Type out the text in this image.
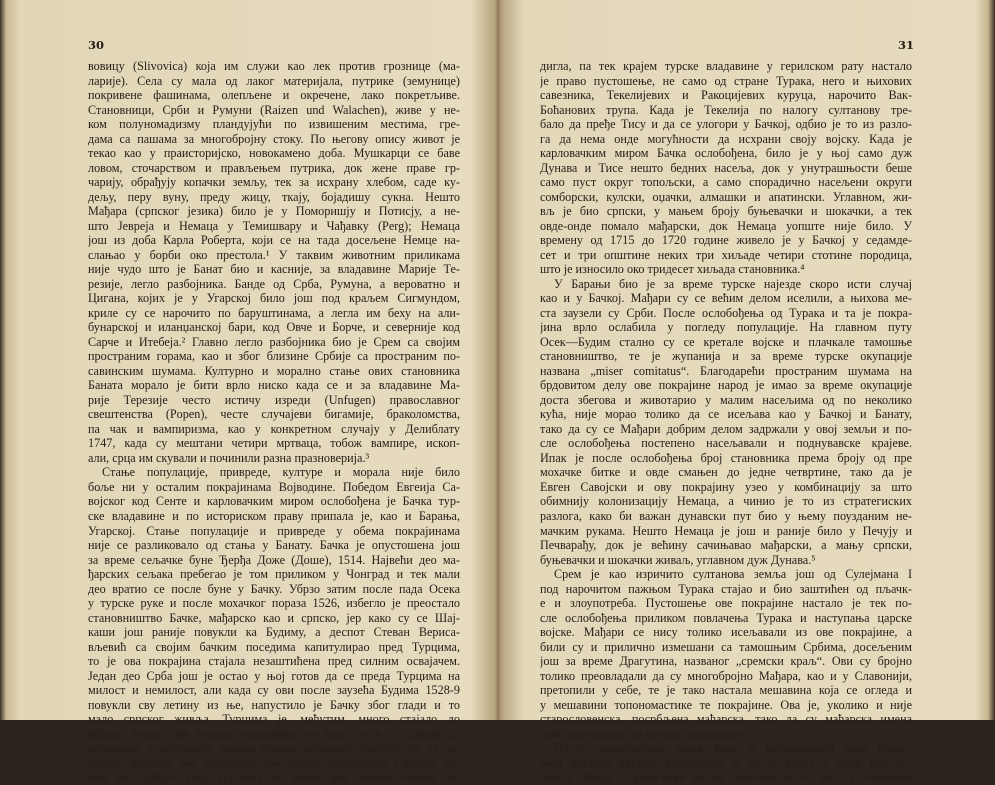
30
вовицу (Slivovica) која им служи као лек против грознице (ма-
ларије). Села су мала од лаког материјала, путрике (земунице)
покривене фашинама, олепљене и окречене, лако покретљиве.
Становници, Срби и Румуни (Raizen und Walachen), живе у не-
ком полуномадизму пландујући по извишеним местима, гре-
дама са пашама за многобројну стоку. По његову опису живот је
текао као у праисторијско, новокамено доба. Мушкарци се баве
ловом, сточарством и прављењем путрика, док жене праве гр-
чарију, обрађују копачки земљу, тек за исхрану хлебом, саде ку-
дељу, перу вуну, преду жицу, ткају, бојадишу сукна. Нешто
Мађара (српског језика) било је у Поморишју и Потисју, а не-
што Јевреја и Немаца у Темишвару и Чађавку (Perg); Немаца
још из доба Карла Роберта, који се на тада досељене Немце на-
слањао у борби око престола.¹ У таквим животним приликама
није чудо што је Банат био и касније, за владавине Марије Те-
резије, легло разбојника. Банде од Срба, Румуна, а вероватно и
Цигана, којих је у Угарској било још под краљем Сигмундом,
криле су се нарочито по баруштинама, а легла им беху на али-
бунарској и иланџанској бари, код Овче и Борче, и северније код
Сарче и Итебеја.² Главно легло разбојника био је Срем са својим
пространим горама, као и због близине Србије са пространим по-
савинским шумама. Културно и морално стање ових становника
Баната морало је бити врло ниско када се и за владавине Ма-
рије Терезије често истичу изреди (Unfugen) православног
свештенства (Popen), честе случајеви бигамије, браколомства,
па чак и вампиризма, као у конкретном случају у Делиблату
1747, када су мештани четири мртваца, тобож вампире, ископ-
али, срца им скували и починили разна празноверија.³
Стање популације, привреде, културе и морала није било
боље ни у осталим покрајинама Војводине. Победом Евгеија Са-
војског код Сенте и карловачким миром ослобођена је Бачка тур-
ске владавине и по историском праву припала је, као и Барања,
Угарској. Стање популације и привреде у обема покрајинама
није се разликовало од стања у Банату. Бачка је опустошена још
за време сељачке буне Ђерђа Доже (Доше), 1514. Највећи део ма-
ђарских сељака пребегао је том приликом у Чонград и тек мали
део вратио се после буне у Бачку. Убрзо затим после пада Осека
у турске руке и после мохачког пораза 1526, избегло је преостало
становништво Бачке, мађарско као и српско, јер како су се Шај-
каши још раније повукли ка Будиму, а деспот Стеван Вериса-
вљевић са својим бачким поседима капитулирао пред Турцима,
то је ова покрајина стајала незаштићена пред силним освајачем.
Један део Срба још је остао у њој готов да се преда Турцима на
милост и немилост, али када су ови после заузећа Будима 1528-9
повукли сву летину из ње, напустило је Бачку због глади и то
мало српског живља. Турцима је, међутим, много стајало до
обраде земље ове плодне покрајине, па како су и у Србији са
сељацима успоставили колико-толико нормалне односе, то су по
доказу дефтере ову покрајину постепено насељавали Србима ма-
хом из Србије. Под Турцима се Бачка још колико-толико по-
31
дигла, па тек крајем турске владавине у герилском рату настало
је право пустошење, не само од стране Турака, него и њихових
савезника, Текелијевих и Ракоцијевих куруца, нарочито Вак-
Боћанових трупа. Када је Текелија по налогу султанову тре-
бало да пређе Тису и да се улогори у Бачкој, одбио је то из разло-
га да нема онде могућности да исхрани своју војску. Када је
карловачким миром Бачка ослобођена, било је у њој само дуж
Дунава и Тисе нешто бедних насеља, док у унутрашњости беше
само пуст округ топољски, а само спорадично насељени округи
сомборски, кулски, оџачки, алмашки и апатински. Углавном, жи-
вљ је био српски, у мањем броју буњевачки и шокачки, а тек
овде-онде помало мађарски, док Немаца уопште није било. У
времену од 1715 до 1720 године живело је у Бачкој у седамде-
сет и три општине неких три хиљаде четири стотине породица,
што је износило око тридесет хиљада становника.⁴
У Барањи био је за време турске најезде скоро исти случај
као и у Бачкој. Мађари су се већим делом иселили, а њихова ме-
ста заузели су Срби. После ослобођења од Турака и та је покра-
јина врло ослабила у погледу популације. На главном путу
Осек—Будим стално су се кретале војске и плачкале тамошње
становништво, те је жупанија и за време турске окупације
названа „miser comitatus“. Благодарећи пространим шумама на
брдовитом делу ове покрајине народ је имао за време окупације
доста збегова и животарио у малим насељима од по неколико
кућа, није морао толико да се исељава као у Бачкој и Банату,
тако да су се Мађари добрим делом задржали у овој земљи и по-
сле ослобођења постепено насељавали и поднувавске крајеве.
Ипак је после ослобођења број становника према броју од пре
мохачке битке и овде смањен до једне четвртине, тако да је
Евген Савојски и ову покрајину узео у комбинацију за што
обимнију колонизацију Немаца, а чинио је то из стратегиских
разлога, како би важан дунавски пут био у њему поузданим не-
мачким рукама. Нешто Немаца је још и раније било у Печују и
Печварађу, док је већину сачињавао мађарски, а мању српски,
буњевачки и шокачки живаљ, углавном дуж Дунава.⁵
Срем је као изричито султанова земља још од Сулејмана I
под нарочитом пажњом Турака стајао и био заштићен од пљачк-
е и злоупотреба. Пустошење ове покрајине настало је тек по-
сле ослобођења приликом повлачења Турака и наступања царске
војске. Мађари се нису толико исељавали из ове покрајине, а
били су и прилично измешани са тамошњим Србима, досељеним
још за време Драгутина, названог „сремски краљ“. Ови су бројно
толико преовладали да су многобројно Мађара, као и у Славонији,
претопили у себе, те је тако настала мешавина која се огледа и
у мешавини топономастике те покрајине. Ова је, уколико и није
старословенска, посрбљена мађарска, тако да су мађарска имена
само преудешена за српско изговарање.⁶
После пожаревачког мира, када је колонизација ових покра-
јина постала акутна, разумљиво је да је Банат у први ред до-
шао у обзир. Стратегиски разлог захтевао је то, јер са поновном
